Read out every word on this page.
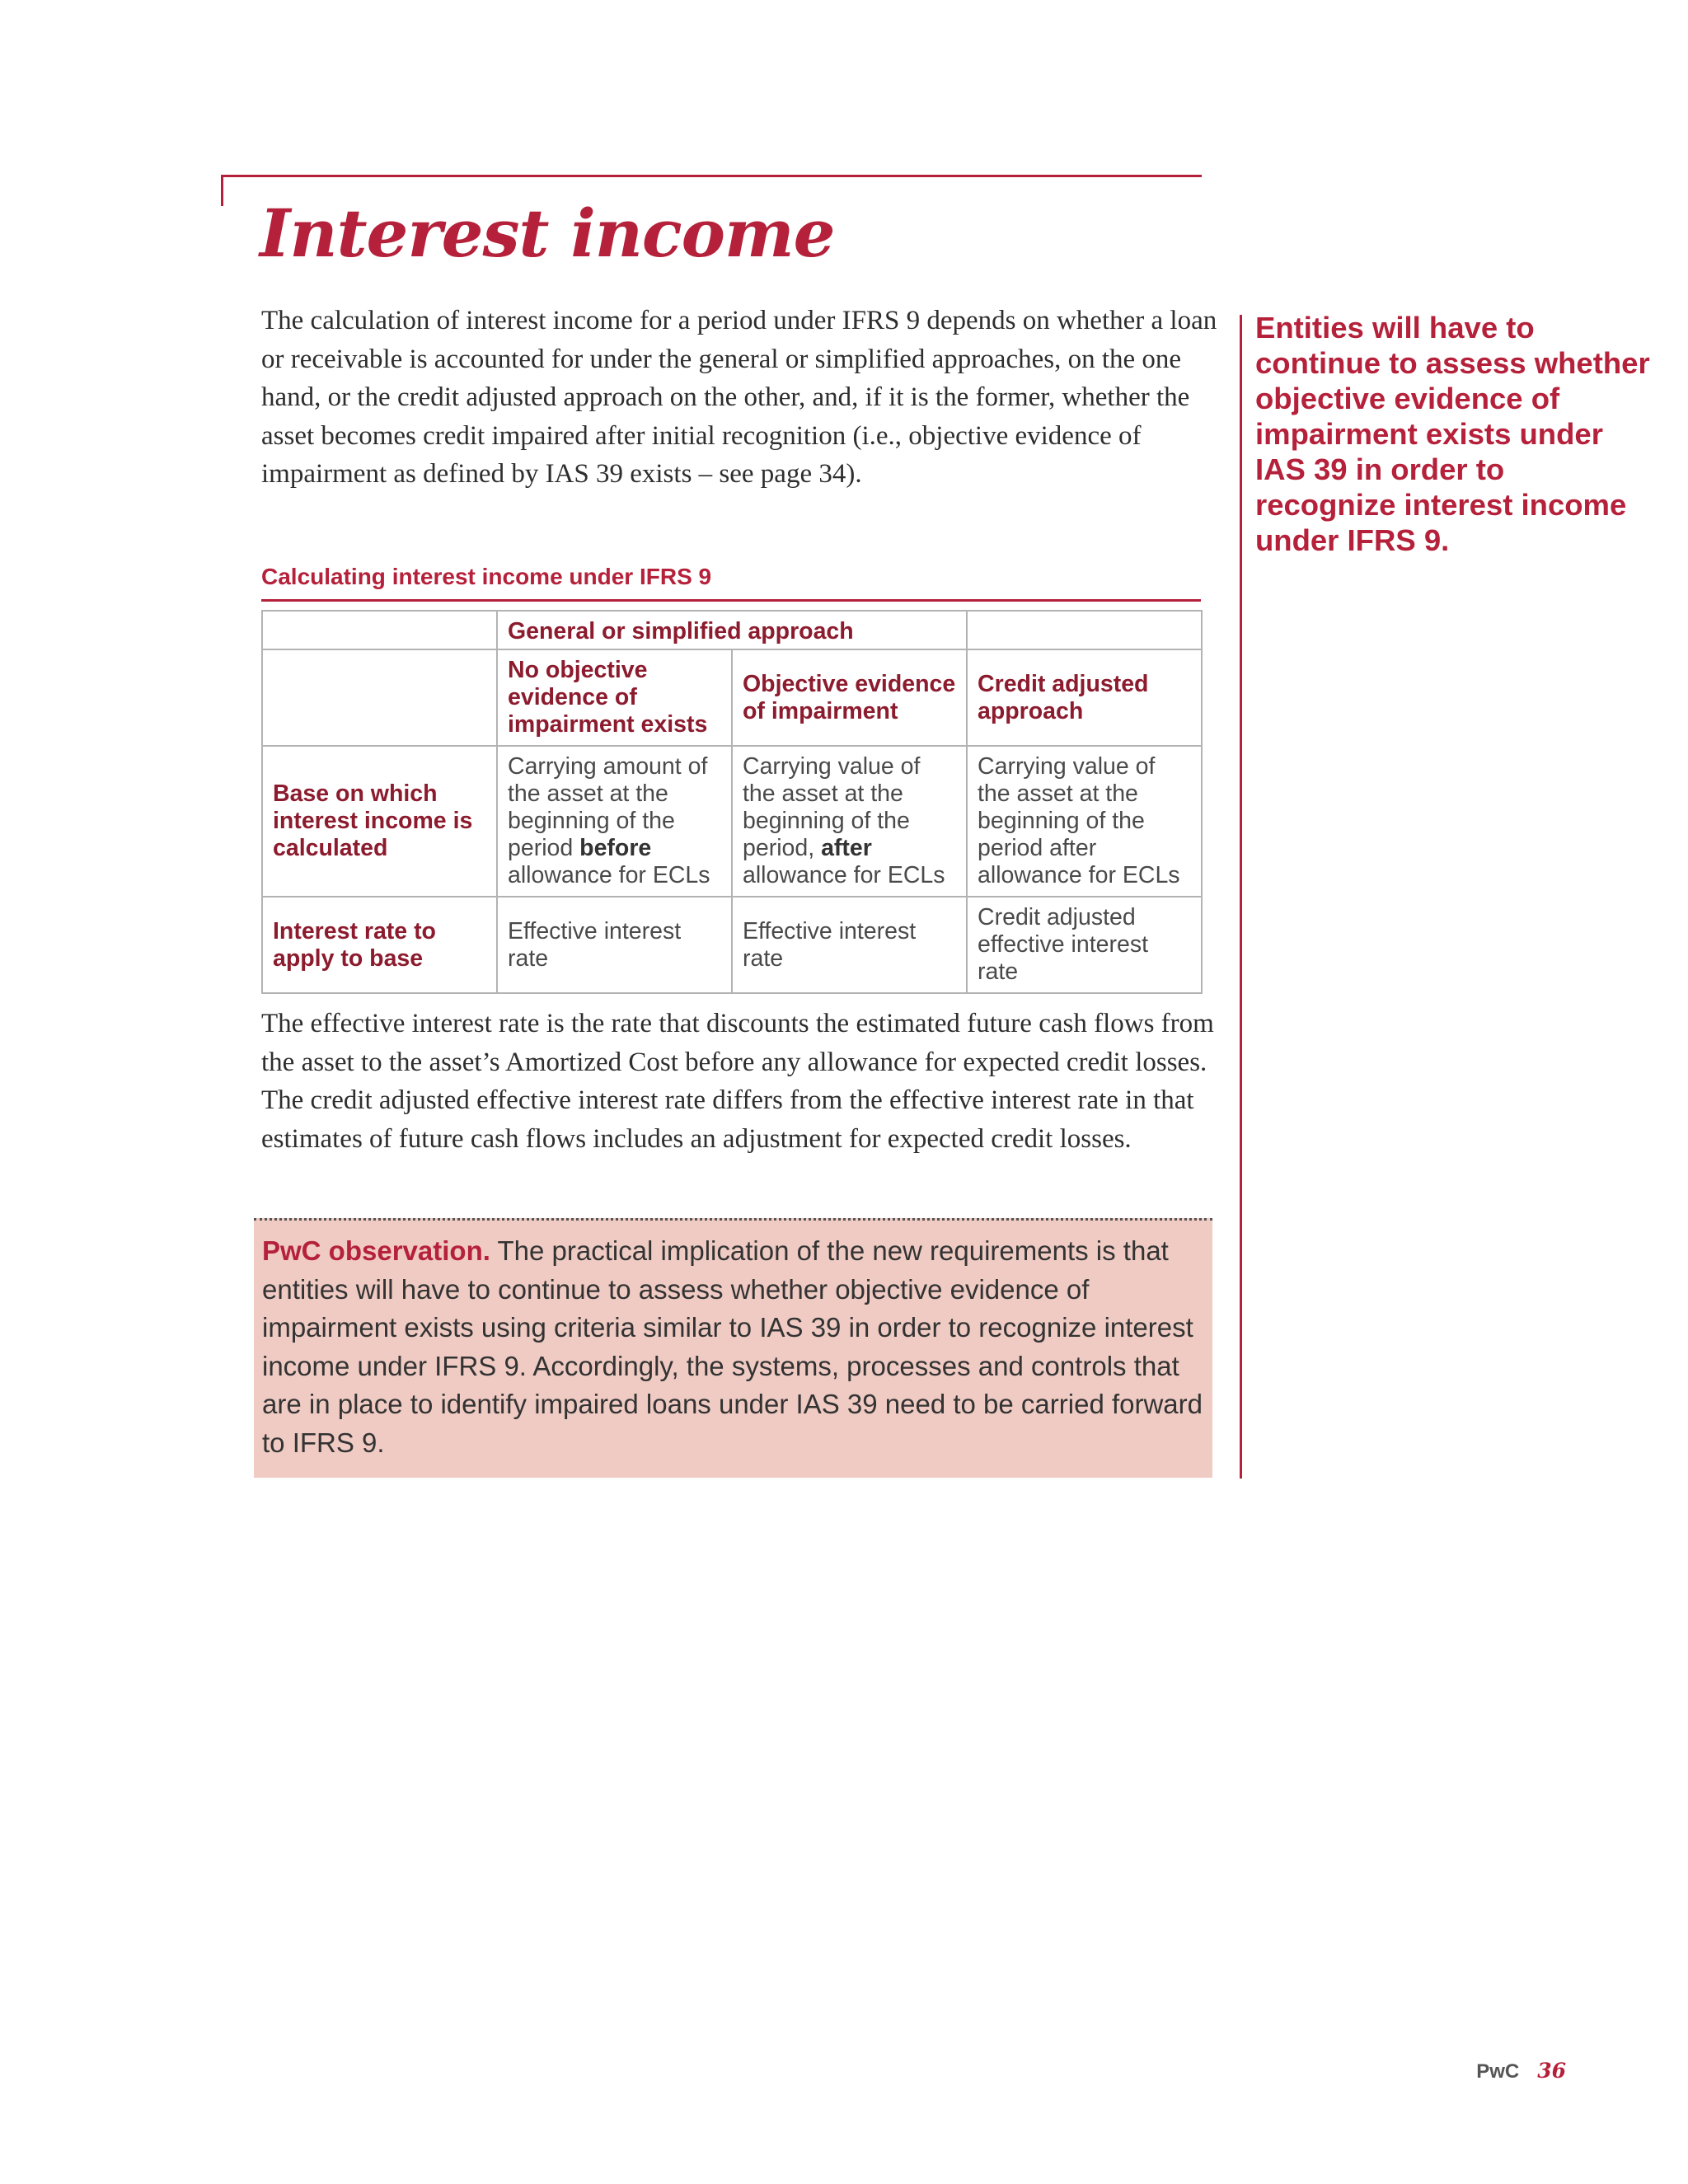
Interest income

The calculation of interest income for a period under IFRS 9 depends on whether a loan or receivable is accounted for under the general or simplified approaches, on the one hand, or the credit adjusted approach on the other, and, if it is the former, whether the asset becomes credit impaired after initial recognition (i.e., objective evidence of impairment as defined by IAS 39 exists – see page 34).

Calculating interest income under IFRS 9
	General or simplified approach		
	No objective evidence of impairment exists	Objective evidence of impairment	Credit adjusted approach
Base on which interest income is calculated	Carrying amount of the asset at the beginning of the period before allowance for ECLs	Carrying value of the asset at the beginning of the period, after allowance for ECLs	Carrying value of the asset at the beginning of the period after allowance for ECLs
Interest rate to apply to base	Effective interest rate	Effective interest rate	Credit adjusted effective interest rate

The effective interest rate is the rate that discounts the estimated future cash flows from the asset to the asset’s Amortized Cost before any allowance for expected credit losses. The credit adjusted effective interest rate differs from the effective interest rate in that estimates of future cash flows includes an adjustment for expected credit losses.

PwC observation. The practical implication of the new requirements is that entities will have to continue to assess whether objective evidence of impairment exists using criteria similar to IAS 39 in order to recognize interest income under IFRS 9. Accordingly, the systems, processes and controls that are in place to identify impaired loans under IAS 39 need to be carried forward to IFRS 9.

Entities will have to continue to assess whether objective evidence of impairment exists under IAS 39 in order to recognize interest income under IFRS 9.

PwC 36
